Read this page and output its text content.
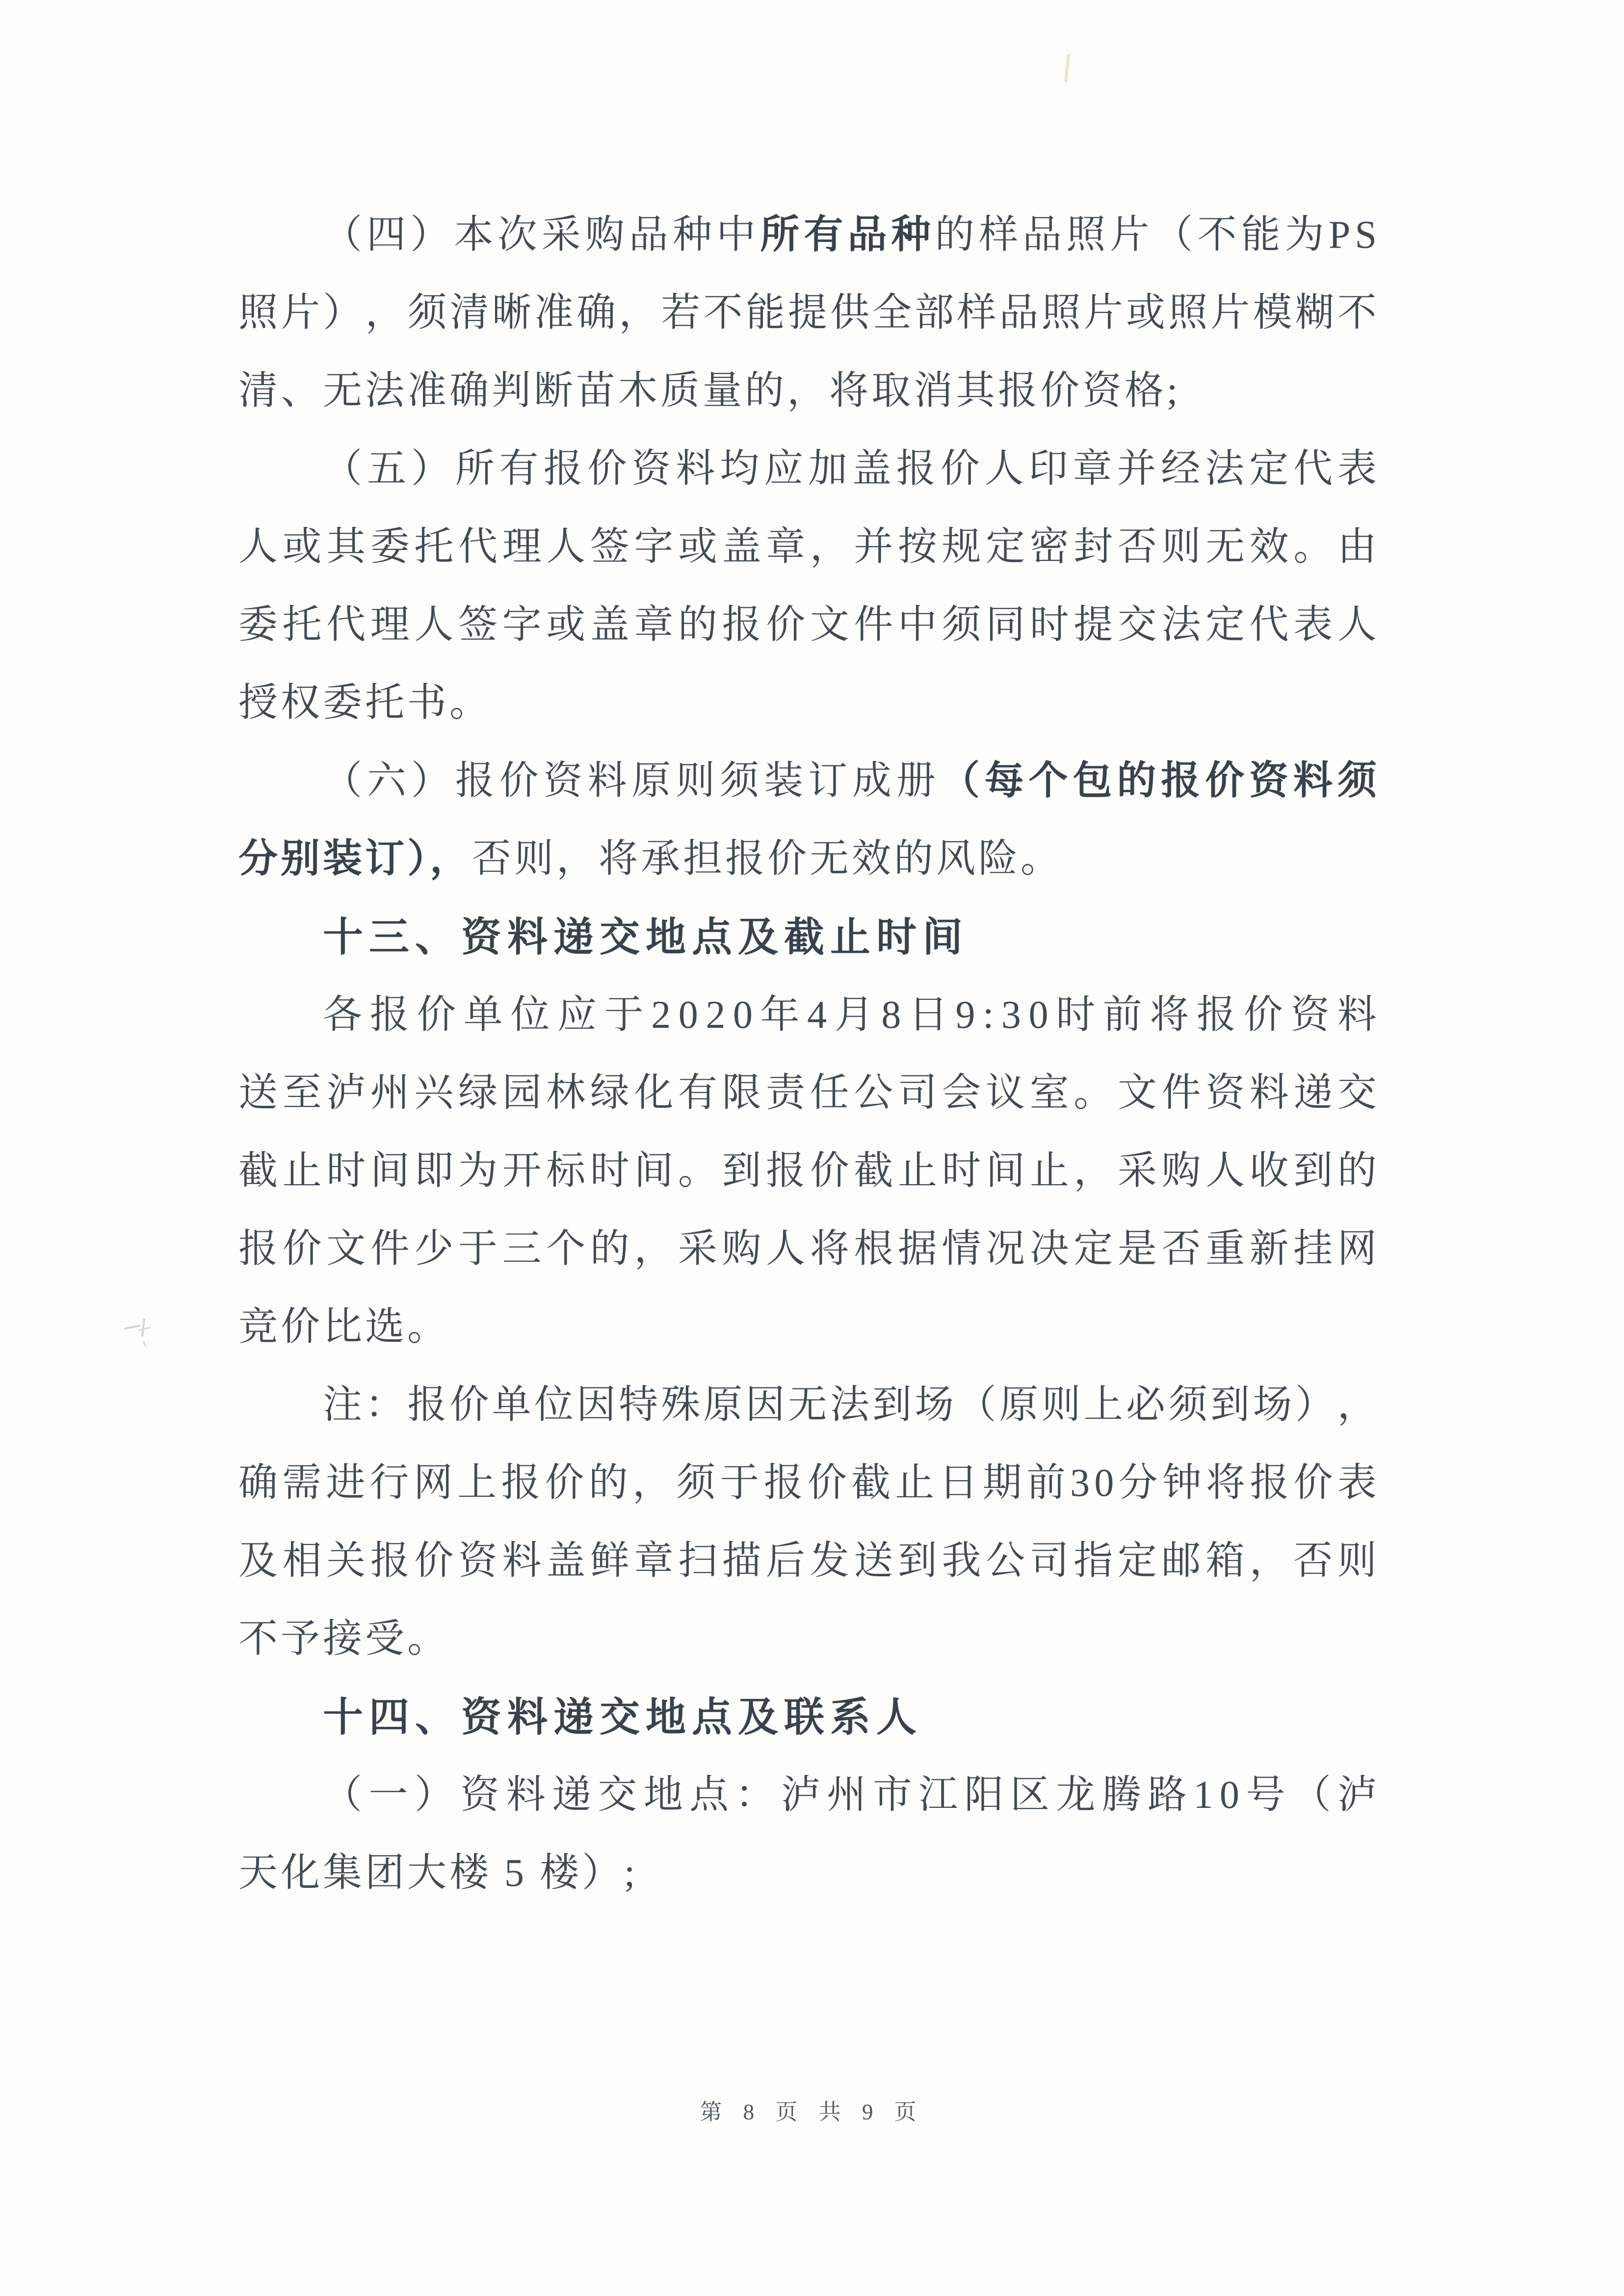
（ 四 ） 本 次 采 购 品 种 中 所 有 品 种 的 样 品 照 片 （ 不 能 为 P S
照 片 ） ， 须 清 晰 准 确 ， 若 不 能 提 供 全 部 样 品 照 片 或 照 片 模 糊 不
清、无法准确判断苗木质量的，将取消其报价资格;
（ 五 ） 所 有 报 价 资 料 均 应 加 盖 报 价 人 印 章 并 经 法 定 代 表
人 或 其 委 托 代 理 人 签 字 或 盖 章 ， 并 按 规 定 密 封 否 则 无 效 。 由
委 托 代 理 人 签 字 或 盖 章 的 报 价 文 件 中 须 同 时 提 交 法 定 代 表 人
授权委托书。
（ 六 ） 报 价 资 料 原 则 须 装 订 成 册 （ 每 个 包 的 报 价 资 料 须
分别装订），否则，将承担报价无效的风险。
十三、资料递交地点及截止时间
各 报 价 单 位 应 于 2 0 2 0 年 4 月 8 日 9 : 3 0 时 前 将 报 价 资 料
送 至 泸 州 兴 绿 园 林 绿 化 有 限 责 任 公 司 会 议 室 。 文 件 资 料 递 交
截 止 时 间 即 为 开 标 时 间 。 到 报 价 截 止 时 间 止 ， 采 购 人 收 到 的
报 价 文 件 少 于 三 个 的 ， 采 购 人 将 根 据 情 况 决 定 是 否 重 新 挂 网
竞价比选。
注 ： 报 价 单 位 因 特 殊 原 因 无 法 到 场 （ 原 则 上 必 须 到 场 ） ，
确 需 进 行 网 上 报 价 的 ， 须 于 报 价 截 止 日 期 前 3 0 分 钟 将 报 价 表
及 相 关 报 价 资 料 盖 鲜 章 扫 描 后 发 送 到 我 公 司 指 定 邮 箱 ， 否 则
不予接受。
十四、资料递交地点及联系人
（ 一 ） 资 料 递 交 地 点 ： 泸 州 市 江 阳 区 龙 腾 路 1 0 号 （ 泸
天化集团大楼 5 楼）;
第 8 页 共 9 页
